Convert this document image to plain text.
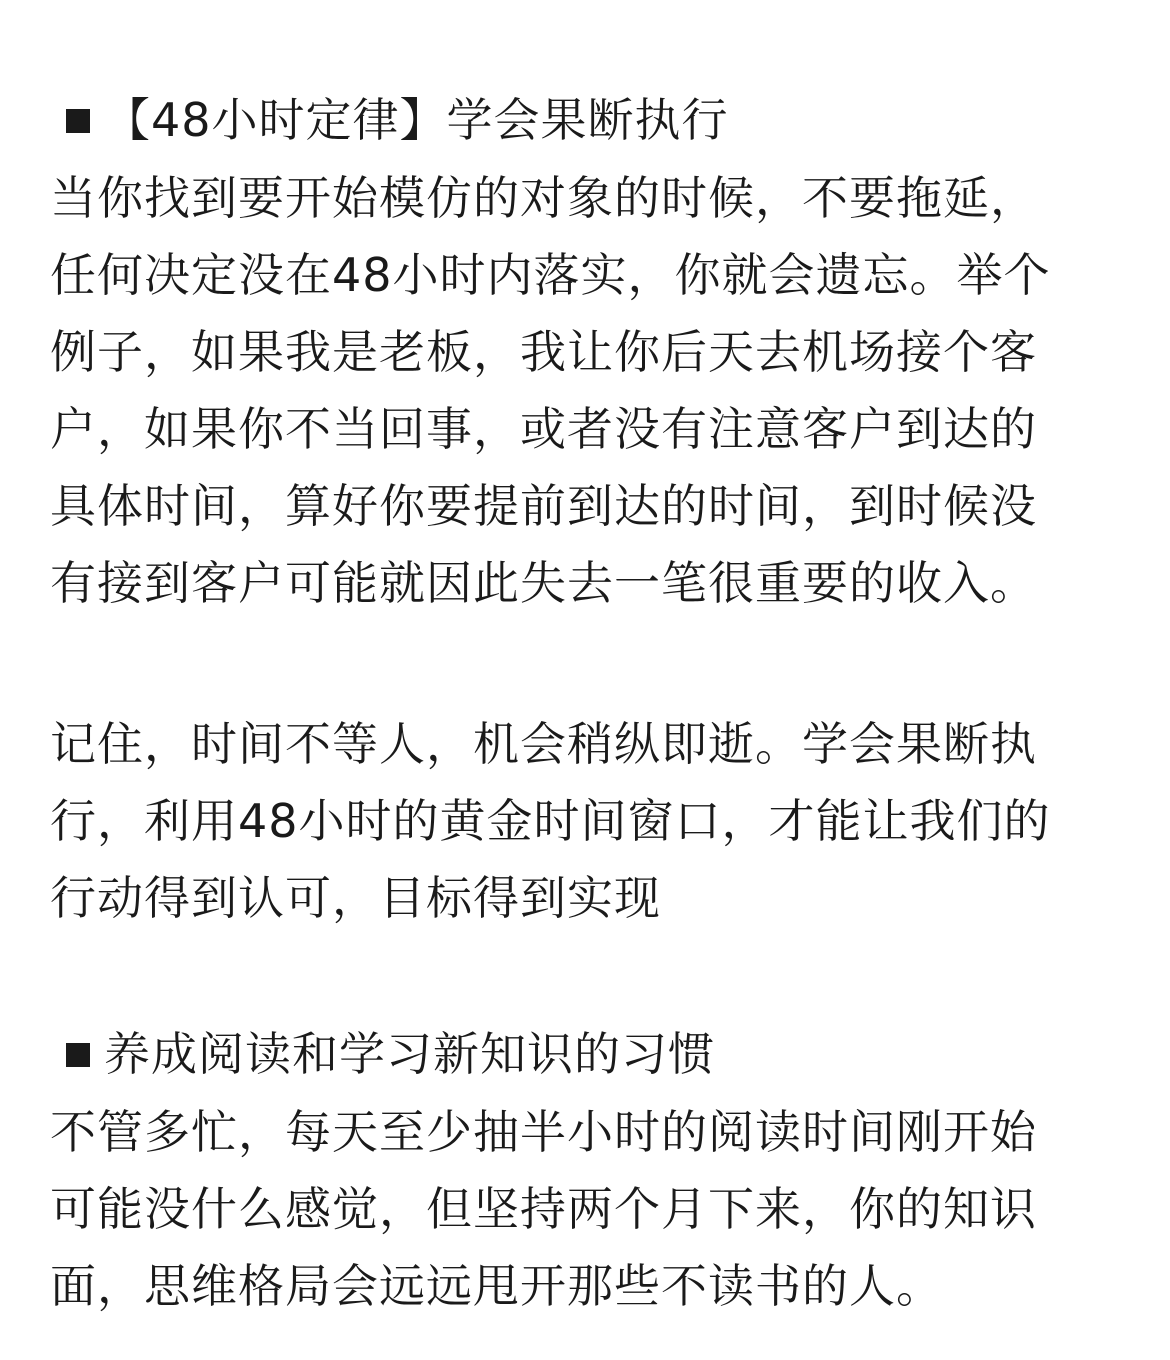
【48小时定律】学会果断执行
当你找到要开始模仿的对象的时候，不要拖延，
任何决定没在48小时内落实，你就会遗忘。举个
例子，如果我是老板，我让你后天去机场接个客
户，如果你不当回事，或者没有注意客户到达的
具体时间，算好你要提前到达的时间，到时候没
有接到客户可能就因此失去一笔很重要的收入。
记住，时间不等人，机会稍纵即逝。学会果断执
行，利用48小时的黄金时间窗口，才能让我们的
行动得到认可，目标得到实现
养成阅读和学习新知识的习惯
不管多忙，每天至少抽半小时的阅读时间刚开始
可能没什么感觉，但坚持两个月下来，你的知识
面，思维格局会远远甩开那些不读书的人。
